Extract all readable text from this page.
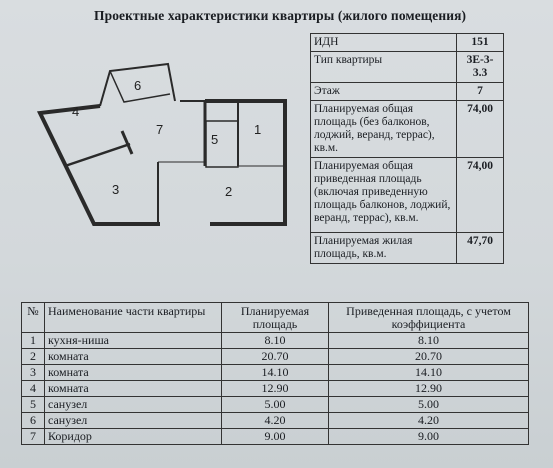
Проектные характеристики квартиры (жилого помещения)
1
2
3
4
5
6
7
ИДН	151
Тип квартиры	3Е-3-3.3
Этаж	7
Планируемая общая площадь (без балконов, лоджий, веранд, террас), кв.м.	74,00
Планируемая общая приведенная площадь (включая приведенную площадь балконов, лоджий, веранд, террас), кв.м.	74,00
Планируемая жилая площадь, кв.м.	47,70
№	Наименование части квартиры	Планируемая площадь	Приведенная площадь, с учетом коэффициента
1	кухня-ниша	8.10	8.10
2	комната	20.70	20.70
3	комната	14.10	14.10
4	комната	12.90	12.90
5	санузел	5.00	5.00
6	санузел	4.20	4.20
7	Коридор	9.00	9.00
